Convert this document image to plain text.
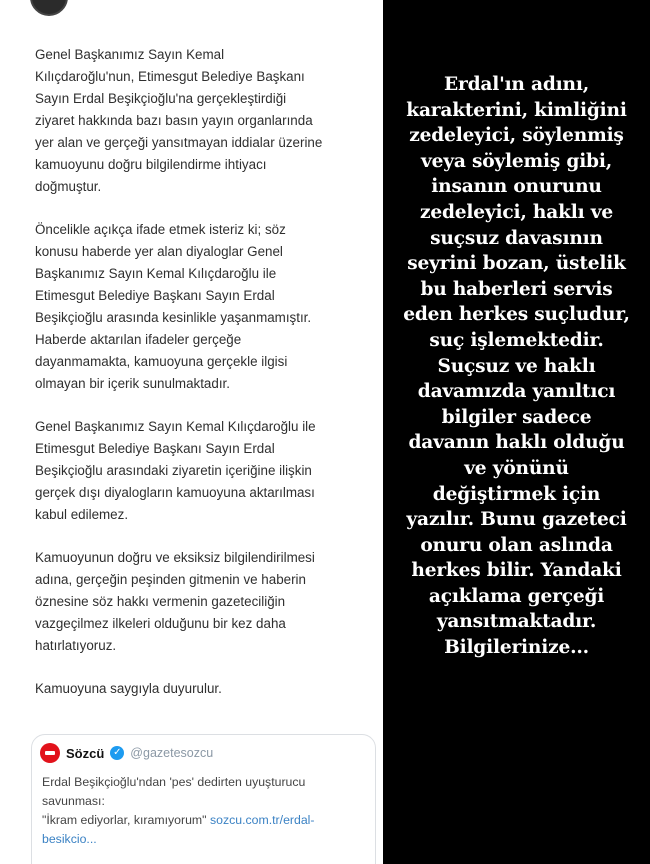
Genel Başkanımız Sayın Kemal
Kılıçdaroğlu'nun, Etimesgut Belediye Başkanı
Sayın Erdal Beşikçioğlu'na gerçekleştirdiği
ziyaret hakkında bazı basın yayın organlarında
yer alan ve gerçeği yansıtmayan iddialar üzerine
kamuoyunu doğru bilgilendirme ihtiyacı
doğmuştur.

Öncelikle açıkça ifade etmek isteriz ki; söz
konusu haberde yer alan diyaloglar Genel
Başkanımız Sayın Kemal Kılıçdaroğlu ile
Etimesgut Belediye Başkanı Sayın Erdal
Beşikçioğlu arasında kesinlikle yaşanmamıştır.
Haberde aktarılan ifadeler gerçeğe
dayanmamakta, kamuoyuna gerçekle ilgisi
olmayan bir içerik sunulmaktadır.

Genel Başkanımız Sayın Kemal Kılıçdaroğlu ile
Etimesgut Belediye Başkanı Sayın Erdal
Beşikçioğlu arasındaki ziyaretin içeriğine ilişkin
gerçek dışı diyalogların kamuoyuna aktarılması
kabul edilemez.

Kamuoyunun doğru ve eksiksiz bilgilendirilmesi
adına, gerçeğin peşinden gitmenin ve haberin
öznesine söz hakkı vermenin gazeteciliğin
vazgeçilmez ilkeleri olduğunu bir kez daha
hatırlatıyoruz.

Kamuoyuna saygıyla duyurulur.

Sözcü ✓ @gazetesozcu
Erdal Beşikçioğlu'ndan 'pes' dedirten uyuşturucu savunması:
"İkram ediyorlar, kıramıyorum" sozcu.com.tr/erdal-besikcio...
Erdal'ın adını,
karakterini, kimliğini
zedeleyici, söylenmiş
veya söylemiş gibi,
insanın onurunu
zedeleyici, haklı ve
suçsuz davasının
seyrini bozan, üstelik
bu haberleri servis
eden herkes suçludur,
suç işlemektedir.
Suçsuz ve haklı
davamızda yanıltıcı
bilgiler sadece
davanın haklı olduğu
ve yönünü
değiştirmek için
yazılır. Bunu gazeteci
onuru olan aslında
herkes bilir. Yandaki
açıklama gerçeği
yansıtmaktadır.
Bilgilerinize...
